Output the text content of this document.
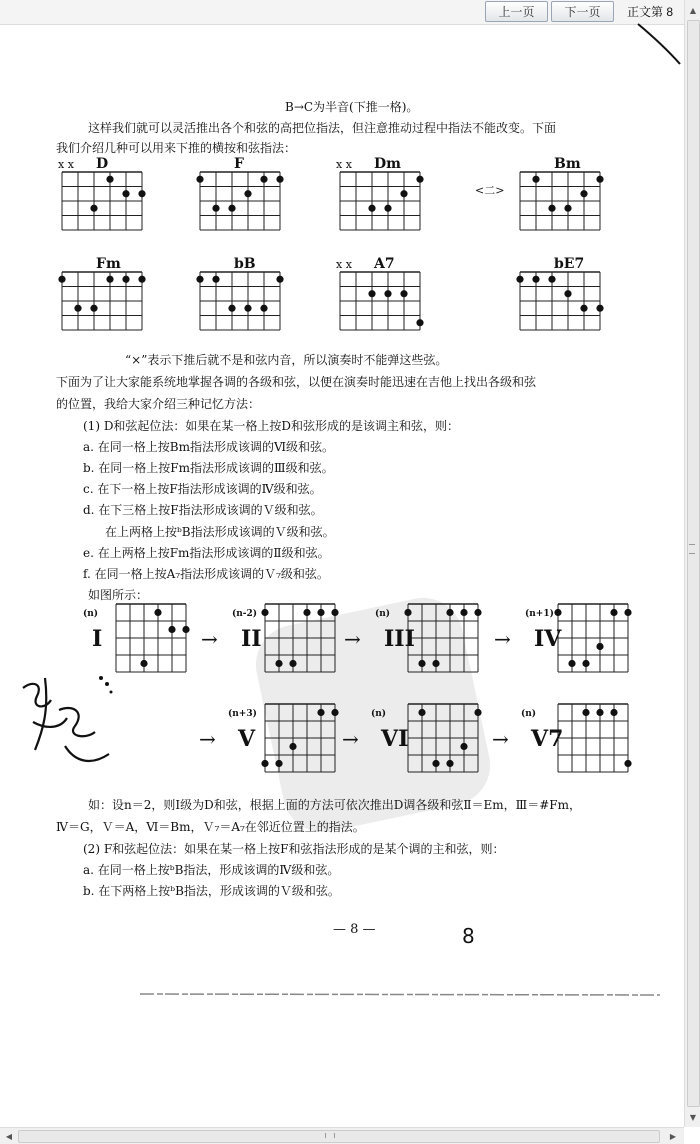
上一页	下一页	正文第 8	▲
▼
◀	▶
B→C为半音(下推一格)。
这样我们就可以灵活推出各个和弦的高把位指法，但注意推动过程中指法不能改变。下面
我们介绍几种可以用来下推的横按和弦指法：
D
x x	F	Dm
x x	Bm
<二>
Fm	bB	A7
x x	bE7
“×”表示下推后就不是和弦内音，所以演奏时不能弹这些弦。
下面为了让大家能系统地掌握各调的各级和弦，以便在演奏时能迅速在吉他上找出各级和弦
的位置，我给大家介绍三种记忆方法：
(1) D和弦起位法：如果在某一格上按D和弦形成的是该调主和弦，则：
a. 在同一格上按Bm指法形成该调的Ⅵ级和弦。
b. 在同一格上按Fm指法形成该调的Ⅲ级和弦。
c. 在下一格上按F指法形成该调的Ⅳ级和弦。
d. 在下三格上按F指法形成该调的Ｖ级和弦。
在上两格上按ᵇB指法形成该调的Ｖ级和弦。
e. 在上两格上按Fm指法形成该调的Ⅱ级和弦。
f. 在同一格上按A₇指法形成该调的Ｖ₇级和弦。
如图所示：
(n)
I
(n-2)
II
→
(n)
III
→
(n+1)
IV
→
(n+3)
V
→
(n)
VI
→
(n)
V7
→
如：设n＝2，则Ⅰ级为D和弦，根据上面的方法可依次推出D调各级和弦Ⅱ＝Em，Ⅲ＝#Fm，
Ⅳ＝G，Ｖ＝A，Ⅵ＝Bm，Ｖ₇＝A₇在邻近位置上的指法。
(2) F和弦起位法：如果在某一格上按F和弦指法形成的是某个调的主和弦，则：
a. 在同一格上按ᵇB指法，形成该调的Ⅳ级和弦。
b. 在下两格上按ᵇB指法，形成该调的Ｖ级和弦。
— 8 —	8
